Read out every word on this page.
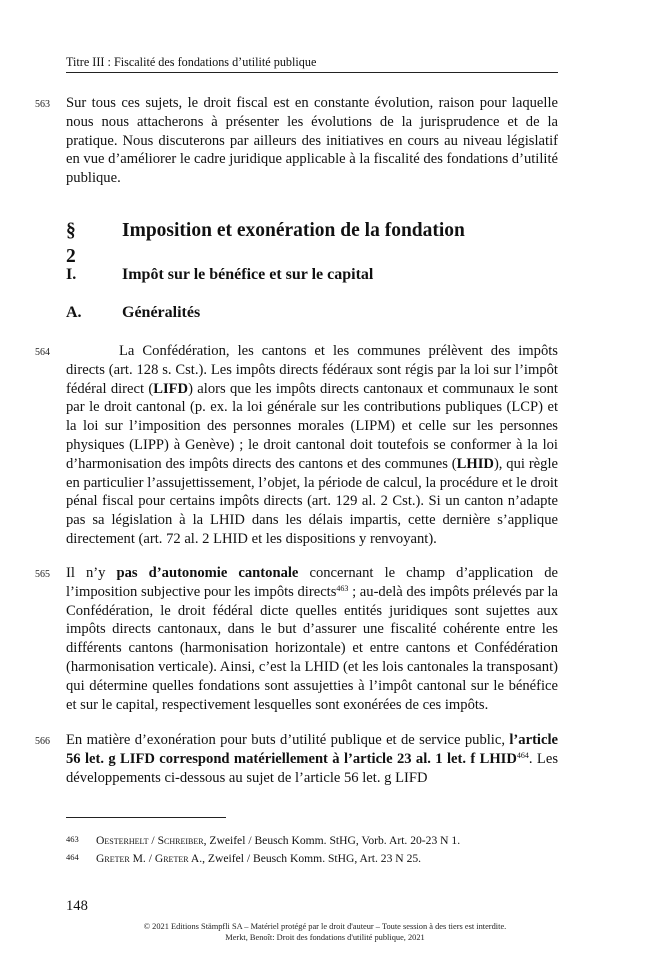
Titre III : Fiscalité des fondations d’utilité publique
563 Sur tous ces sujets, le droit fiscal est en constante évolution, raison pour laquelle nous nous attacherons à présenter les évolutions de la jurisprudence et de la pratique. Nous discuterons par ailleurs des initiatives en cours au niveau législatif en vue d’améliorer le cadre juridique applicable à la fiscalité des fondations d’utilité publique.
§ 2
Imposition et exonération de la fondation
I.	Impôt sur le bénéfice et sur le capital
A.	Généralités
564	La Confédération, les cantons et les communes prélèvent des impôts directs (art. 128 s. Cst.). Les impôts directs fédéraux sont régis par la loi sur l’impôt fédéral direct (LIFD) alors que les impôts directs cantonaux et communaux le sont par le droit cantonal (p. ex. la loi générale sur les contributions publiques (LCP) et la loi sur l’imposition des personnes morales (LIPM) et celle sur les personnes physiques (LIPP) à Genève) ; le droit cantonal doit toutefois se conformer à la loi d’harmonisation des impôts directs des cantons et des communes (LHID), qui règle en particulier l’assujettissement, l’objet, la période de calcul, la procédure et le droit pénal fiscal pour certains impôts directs (art. 129 al. 2 Cst.). Si un canton n’adapte pas sa législation à la LHID dans les délais impartis, cette dernière s’applique directement (art. 72 al. 2 LHID et les dispositions y renvoyant).
565 Il n’y pas d’autonomie cantonale concernant le champ d’application de l’imposition subjective pour les impôts directs$^{463}$ ; au-delà des impôts prélevés par la Confédération, le droit fédéral dicte quelles entités juridiques sont sujettes aux impôts directs cantonaux, dans le but d’assurer une fiscalité cohérente entre les différents cantons (harmonisation horizontale) et entre cantons et Confédération (harmonisation verticale). Ainsi, c’est la LHID (et les lois cantonales la transposant) qui détermine quelles fondations sont assujetties à l’impôt cantonal sur le bénéfice et sur le capital, respectivement lesquelles sont exonérées de ces impôts.
566 En matière d’exonération pour buts d’utilité publique et de service public, l’article 56 let. g LIFD correspond matériellement à l’article 23 al. 1 let. f LHID$^{464}$. Les développements ci-dessous au sujet de l’article 56 let. g LIFD
463 Oesterhelt / Schreiber, Zweifel / Beusch Komm. StHG, Vorb. Art. 20-23 N 1.
464 Greter M. / Greter A., Zweifel / Beusch Komm. StHG, Art. 23 N 25.
148
© 2021 Editions Stämpfli SA – Matériel protégé par le droit d'auteur – Toute session à des tiers est interdite.
Merkt, Benoît: Droit des fondations d'utilité publique, 2021
